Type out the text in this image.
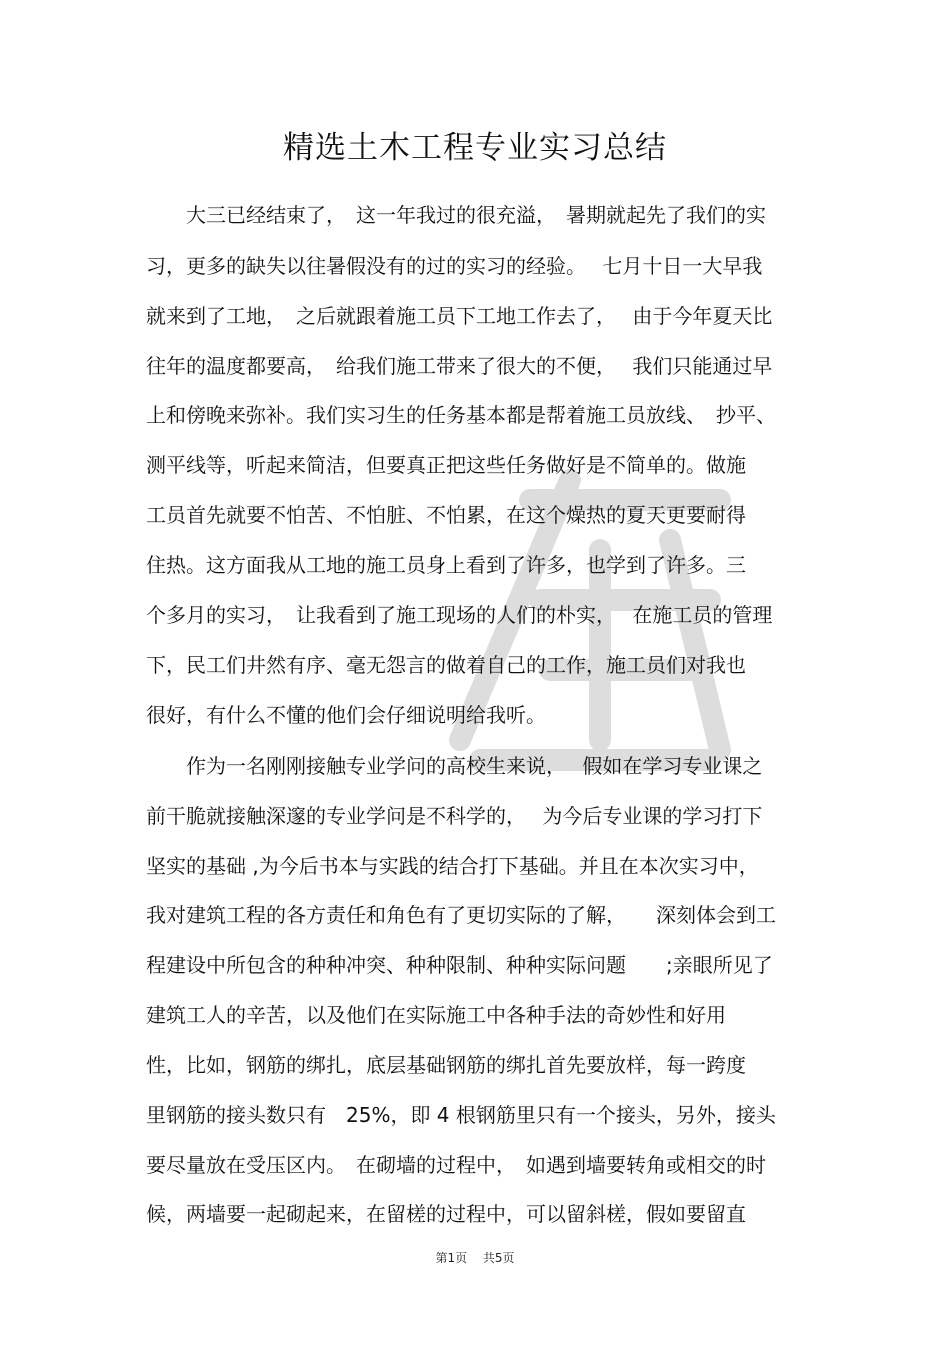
精选土木工程专业实习总结
　　大三已经结束了，　这一年我过的很充溢，　暑期就起先了我们的实
习，更多的缺失以往暑假没有的过的实习的经验。　 七月十日一大早我
就来到了工地，　之后就跟着施工员下工地工作去了，　 由于今年夏天比
往年的温度都要高，　给我们施工带来了很大的不便，　 我们只能通过早
上和傍晚来弥补。我们实习生的任务基本都是帮着施工员放线、　抄平、
测平线等，听起来简洁，但要真正把这些任务做好是不简单的。做施
工员首先就要不怕苦、不怕脏、不怕累，在这个燥热的夏天更要耐得
住热。这方面我从工地的施工员身上看到了许多，也学到了许多。三
个多月的实习，　让我看到了施工现场的人们的朴实，　 在施工员的管理
下，民工们井然有序、毫无怨言的做着自己的工作，施工员们对我也
很好，有什么不懂的他们会仔细说明给我听。
　　作为一名刚刚接触专业学问的高校生来说，　 假如在学习专业课之
前干脆就接触深邃的专业学问是不科学的，　 为今后专业课的学习打下
坚实的基础 ,为今后书本与实践的结合打下基础。并且在本次实习中，
我对建筑工程的各方责任和角色有了更切实际的了解，　　深刻体会到工
程建设中所包含的种种冲突、种种限制、种种实际问题　　;亲眼所见了
建筑工人的辛苦，以及他们在实际施工中各种手法的奇妙性和好用
性，比如，钢筋的绑扎，底层基础钢筋的绑扎首先要放样，每一跨度
里钢筋的接头数只有　25%，即 4 根钢筋里只有一个接头，另外，接头
要尽量放在受压区内。　在砌墙的过程中，　如遇到墙要转角或相交的时
候，两墙要一起砌起来，在留槎的过程中，可以留斜槎，假如要留直
第1页　 共5页
